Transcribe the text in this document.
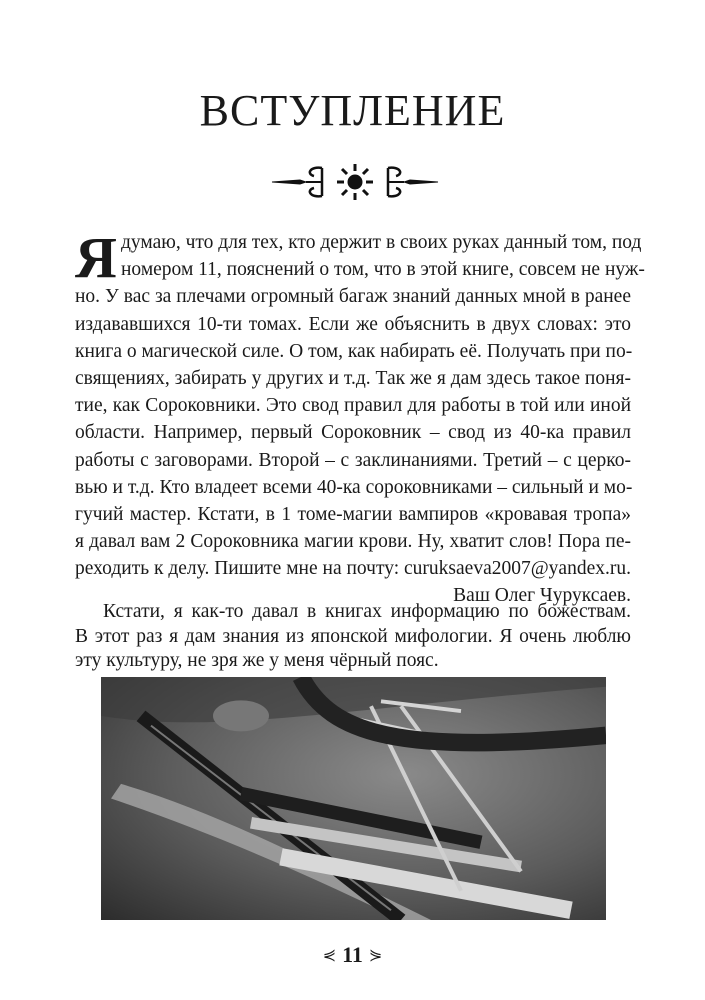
ВСТУПЛЕНИЕ
Я думаю, что для тех, кто держит в своих руках данный том, под
номером 11, пояснений о том, что в этой книге, совсем не нуж-
но. У вас за плечами огромный багаж знаний данных мной в ранее
издававшихся 10-ти томах. Если же объяснить в двух словах: это
книга о магической силе. О том, как набирать её. Получать при по-
священиях, забирать у других и т.д. Так же я дам здесь такое поня-
тие, как Сороковники. Это свод правил для работы в той или иной
области. Например, первый Сороковник – свод из 40-ка правил
работы с заговорами. Второй – с заклинаниями. Третий – с церко-
вью и т.д. Кто владеет всеми 40-ка сороковниками – сильный и мо-
гучий мастер. Кстати, в 1 томе-магии вампиров «кровавая тропа»
я давал вам 2 Сороковника магии крови. Ну, хватит слов! Пора пе-
реходить к делу. Пишите мне на почту: curuksaeva2007@yandex.ru.
Ваш Олег Чуруксаев.
Кстати, я как-то давал в книгах информацию по божествам.
В этот раз я дам знания из японской мифологии. Я очень люблю
эту культуру, не зря же у меня чёрный пояс.
⋞ 11 ⋟
